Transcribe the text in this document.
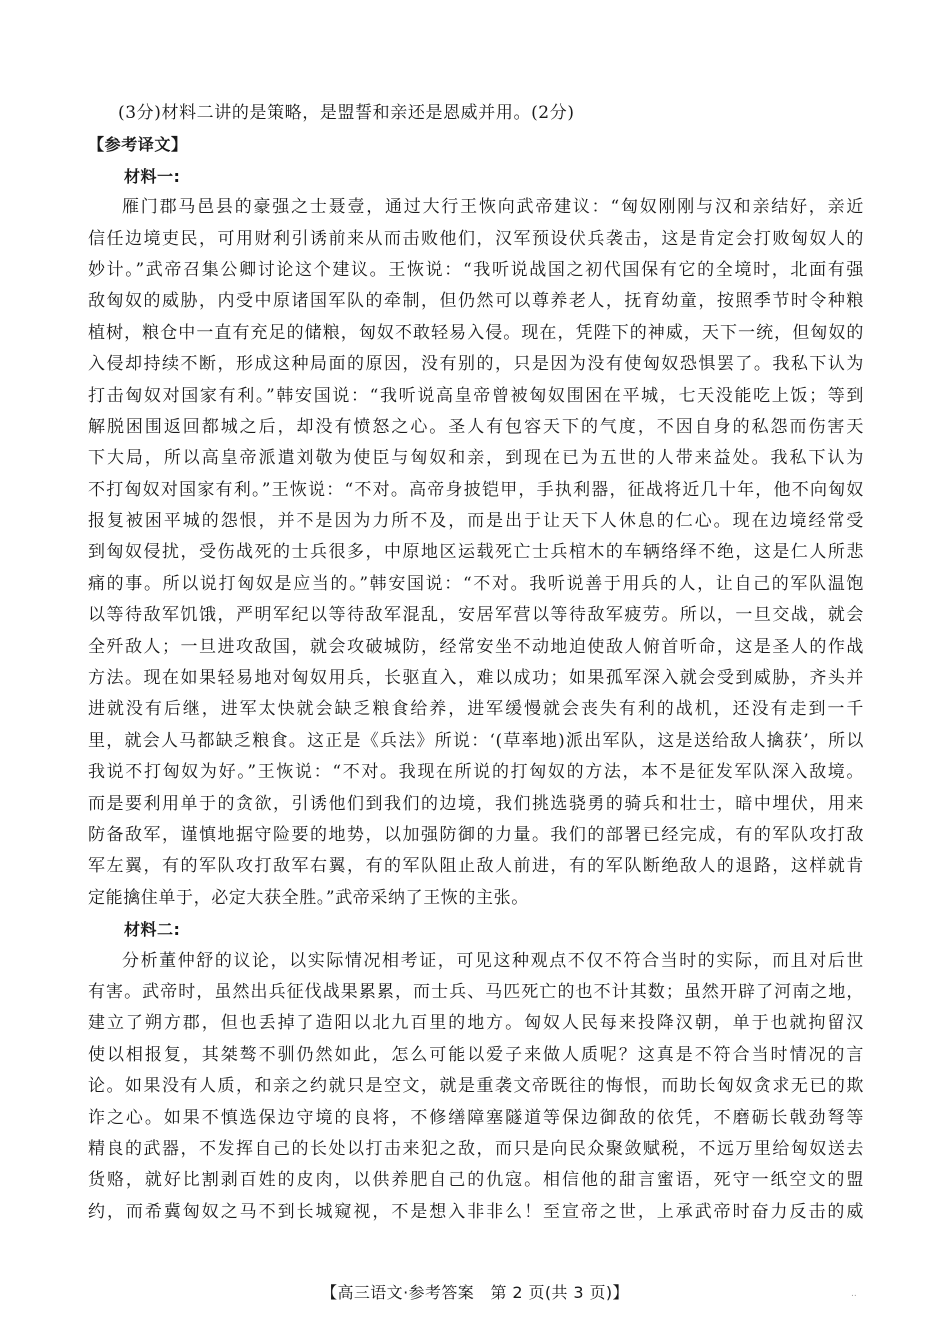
(3分)材料二讲的是策略，是盟誓和亲还是恩威并用。(2分)
【参考译文】
材料一:
雁门郡马邑县的豪强之士聂壹，通过大行王恢向武帝建议：“匈奴刚刚与汉和亲结好，亲近
信任边境吏民，可用财利引诱前来从而击败他们，汉军预设伏兵袭击，这是肯定会打败匈奴人的
妙计。”武帝召集公卿讨论这个建议。王恢说：“我听说战国之初代国保有它的全境时，北面有强
敌匈奴的威胁，内受中原诸国军队的牵制，但仍然可以尊养老人，抚育幼童，按照季节时令种粮
植树，粮仓中一直有充足的储粮，匈奴不敢轻易入侵。现在，凭陛下的神威，天下一统，但匈奴的
入侵却持续不断，形成这种局面的原因，没有别的，只是因为没有使匈奴恐惧罢了。我私下认为
打击匈奴对国家有利。”韩安国说：“我听说高皇帝曾被匈奴围困在平城，七天没能吃上饭；等到
解脱困围返回都城之后，却没有愤怒之心。圣人有包容天下的气度，不因自身的私怨而伤害天
下大局，所以高皇帝派遣刘敬为使臣与匈奴和亲，到现在已为五世的人带来益处。我私下认为
不打匈奴对国家有利。”王恢说：“不对。高帝身披铠甲，手执利器，征战将近几十年，他不向匈奴
报复被困平城的怨恨，并不是因为力所不及，而是出于让天下人休息的仁心。现在边境经常受
到匈奴侵扰，受伤战死的士兵很多，中原地区运载死亡士兵棺木的车辆络绎不绝，这是仁人所悲
痛的事。所以说打匈奴是应当的。”韩安国说：“不对。我听说善于用兵的人，让自己的军队温饱
以等待敌军饥饿，严明军纪以等待敌军混乱，安居军营以等待敌军疲劳。所以，一旦交战，就会
全歼敌人；一旦进攻敌国，就会攻破城防，经常安坐不动地迫使敌人俯首听命，这是圣人的作战
方法。现在如果轻易地对匈奴用兵，长驱直入，难以成功；如果孤军深入就会受到威胁，齐头并
进就没有后继，进军太快就会缺乏粮食给养，进军缓慢就会丧失有利的战机，还没有走到一千
里，就会人马都缺乏粮食。这正是《兵法》所说：‘(草率地)派出军队，这是送给敌人擒获’，所以
我说不打匈奴为好。”王恢说：“不对。我现在所说的打匈奴的方法，本不是征发军队深入敌境。
而是要利用单于的贪欲，引诱他们到我们的边境，我们挑选骁勇的骑兵和壮士，暗中埋伏，用来
防备敌军，谨慎地据守险要的地势，以加强防御的力量。我们的部署已经完成，有的军队攻打敌
军左翼，有的军队攻打敌军右翼，有的军队阻止敌人前进，有的军队断绝敌人的退路，这样就肯
定能擒住单于，必定大获全胜。”武帝采纳了王恢的主张。
材料二:
分析董仲舒的议论，以实际情况相考证，可见这种观点不仅不符合当时的实际，而且对后世
有害。武帝时，虽然出兵征伐战果累累，而士兵、马匹死亡的也不计其数；虽然开辟了河南之地，
建立了朔方郡，但也丢掉了造阳以北九百里的地方。匈奴人民每来投降汉朝，单于也就拘留汉
使以相报复，其桀骜不驯仍然如此，怎么可能以爱子来做人质呢？这真是不符合当时情况的言
论。如果没有人质，和亲之约就只是空文，就是重袭文帝既往的悔恨，而助长匈奴贪求无已的欺
诈之心。如果不慎选保边守境的良将，不修缮障塞隧道等保边御敌的依凭，不磨砺长戟劲弩等
精良的武器，不发挥自己的长处以打击来犯之敌，而只是向民众聚敛赋税，不远万里给匈奴送去
货赂，就好比割剥百姓的皮肉，以供养肥自己的仇寇。相信他的甜言蜜语，死守一纸空文的盟
约，而希冀匈奴之马不到长城窥视，不是想入非非么！至宣帝之世，上承武帝时奋力反击的威
【高三语文·参考答案　第 2 页(共 3 页)】	..
